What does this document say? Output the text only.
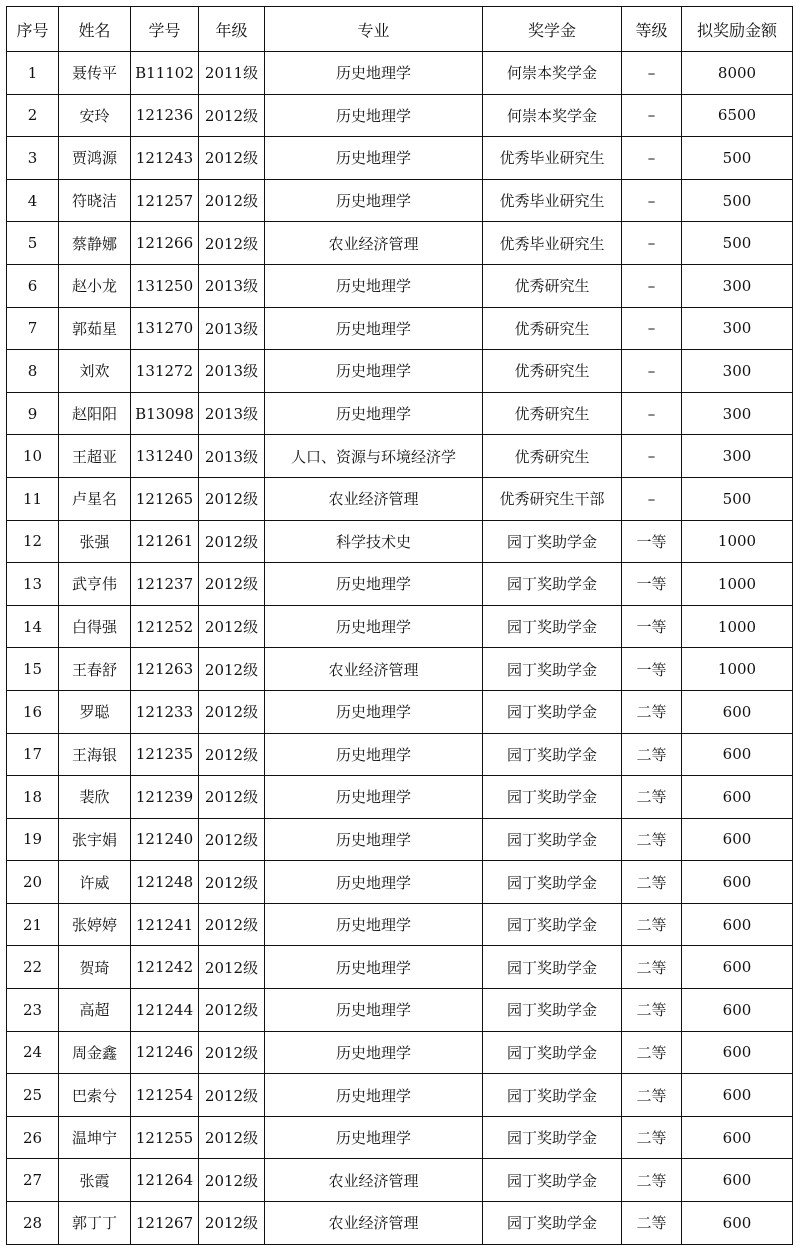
序号	姓名	学号	年级	专业	奖学金	等级	拟奖励金额
1	聂传平	B11102	2011级	历史地理学	何崇本奖学金	–	8000
2	安玲	121236	2012级	历史地理学	何崇本奖学金	–	6500
3	贾鸿源	121243	2012级	历史地理学	优秀毕业研究生	–	500
4	符晓洁	121257	2012级	历史地理学	优秀毕业研究生	–	500
5	蔡静娜	121266	2012级	农业经济管理	优秀毕业研究生	–	500
6	赵小龙	131250	2013级	历史地理学	优秀研究生	–	300
7	郭茹星	131270	2013级	历史地理学	优秀研究生	–	300
8	刘欢	131272	2013级	历史地理学	优秀研究生	–	300
9	赵阳阳	B13098	2013级	历史地理学	优秀研究生	–	300
10	王超亚	131240	2013级	人口、资源与环境经济学	优秀研究生	–	300
11	卢星名	121265	2012级	农业经济管理	优秀研究生干部	–	500
12	张强	121261	2012级	科学技术史	园丁奖助学金	一等	1000
13	武亨伟	121237	2012级	历史地理学	园丁奖助学金	一等	1000
14	白得强	121252	2012级	历史地理学	园丁奖助学金	一等	1000
15	王春舒	121263	2012级	农业经济管理	园丁奖助学金	一等	1000
16	罗聪	121233	2012级	历史地理学	园丁奖助学金	二等	600
17	王海银	121235	2012级	历史地理学	园丁奖助学金	二等	600
18	裴欣	121239	2012级	历史地理学	园丁奖助学金	二等	600
19	张宇娟	121240	2012级	历史地理学	园丁奖助学金	二等	600
20	许威	121248	2012级	历史地理学	园丁奖助学金	二等	600
21	张婷婷	121241	2012级	历史地理学	园丁奖助学金	二等	600
22	贺琦	121242	2012级	历史地理学	园丁奖助学金	二等	600
23	高超	121244	2012级	历史地理学	园丁奖助学金	二等	600
24	周金鑫	121246	2012级	历史地理学	园丁奖助学金	二等	600
25	巴索兮	121254	2012级	历史地理学	园丁奖助学金	二等	600
26	温坤宁	121255	2012级	历史地理学	园丁奖助学金	二等	600
27	张霞	121264	2012级	农业经济管理	园丁奖助学金	二等	600
28	郭丁丁	121267	2012级	农业经济管理	园丁奖助学金	二等	600
